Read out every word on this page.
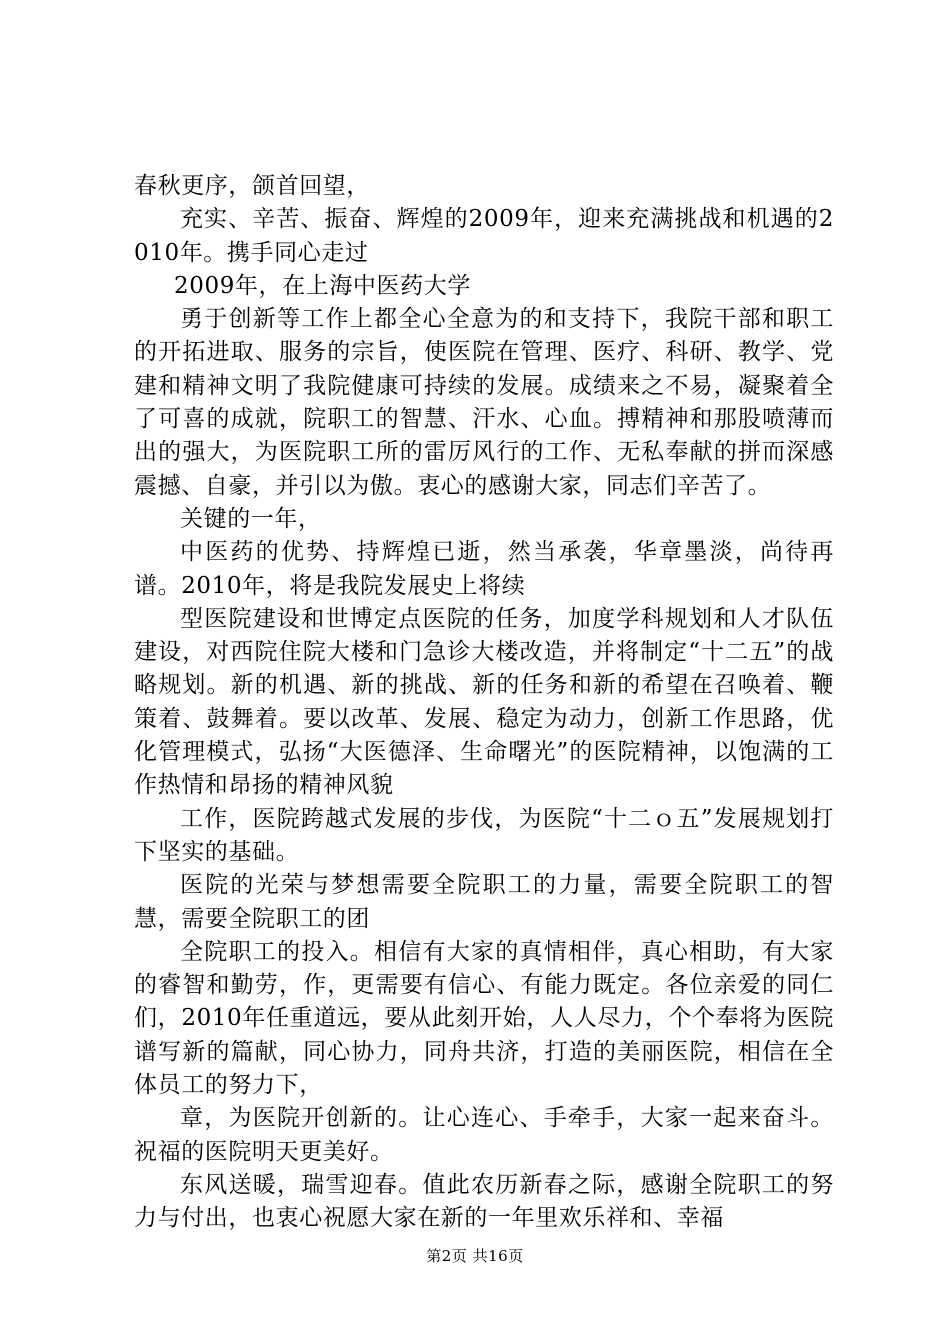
春秋更序，颌首回望，

充实、辛苦、振奋、辉煌的2009年，迎来充满挑战和机遇的2010年。携手同心走过

2009年，在上海中医药大学

勇于创新等工作上都全心全意为的和支持下，我院干部和职工的开拓进取、服务的宗旨，使医院在管理、医疗、科研、教学、党建和精神文明了我院健康可持续的发展。成绩来之不易，凝聚着全了可喜的成就，院职工的智慧、汗水、心血。搏精神和那股喷薄而出的强大，为医院职工所的雷厉风行的工作、无私奉献的拼而深感震撼、自豪，并引以为傲。衷心的感谢大家，同志们辛苦了。

关键的一年，

中医药的优势、持辉煌已逝，然当承袭，华章墨淡，尚待再谱。2010年，将是我院发展史上将续

型医院建设和世博定点医院的任务，加度学科规划和人才队伍建设，对西院住院大楼和门急诊大楼改造，并将制定“十二五”的战略规划。新的机遇、新的挑战、新的任务和新的希望在召唤着、鞭策着、鼓舞着。要以改革、发展、稳定为动力，创新工作思路，优化管理模式，弘扬“大医德泽、生命曙光”的医院精神，以饱满的工作热情和昂扬的精神风貌

工作，医院跨越式发展的步伐，为医院“十二ｏ五”发展规划打下坚实的基础。

医院的光荣与梦想需要全院职工的力量，需要全院职工的智慧，需要全院职工的团

全院职工的投入。相信有大家的真情相伴，真心相助，有大家的睿智和勤劳，作，更需要有信心、有能力既定。各位亲爱的同仁们，2010年任重道远，要从此刻开始，人人尽力，个个奉将为医院谱写新的篇献，同心协力，同舟共济，打造的美丽医院，相信在全体员工的努力下，

章，为医院开创新的。让心连心、手牵手，大家一起来奋斗。祝福的医院明天更美好。

东风送暖，瑞雪迎春。值此农历新春之际，感谢全院职工的努力与付出，也衷心祝愿大家在新的一年里欢乐祥和、幸福

第2页 共16页
